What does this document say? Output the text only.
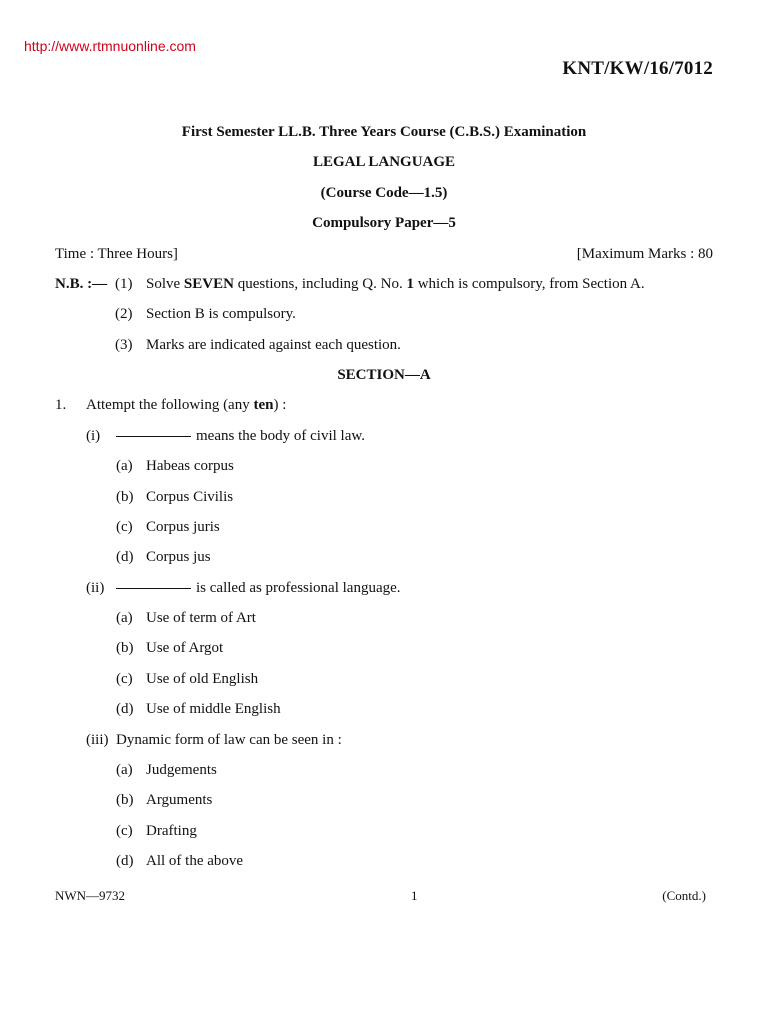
http://www.rtmnuonline.com
KNT/KW/16/7012
First Semester LL.B. Three Years Course (C.B.S.) Examination
LEGAL LANGUAGE
(Course Code—1.5)
Compulsory Paper—5
Time : Three Hours]	[Maximum Marks : 80
N.B. :— (1) Solve SEVEN questions, including Q. No. 1 which is compulsory, from Section A.
(2) Section B is compulsory.
(3) Marks are indicated against each question.
SECTION—A
1. Attempt the following (any ten) :
(i)	means the body of civil law.
(a) Habeas corpus
(b) Corpus Civilis
(c) Corpus juris
(d) Corpus jus
(ii)	is called as professional language.
(a) Use of term of Art
(b) Use of Argot
(c) Use of old English
(d) Use of middle English
(iii) Dynamic form of law can be seen in :
(a) Judgements
(b) Arguments
(c) Drafting
(d) All of the above
NWN—9732	1	(Contd.)
